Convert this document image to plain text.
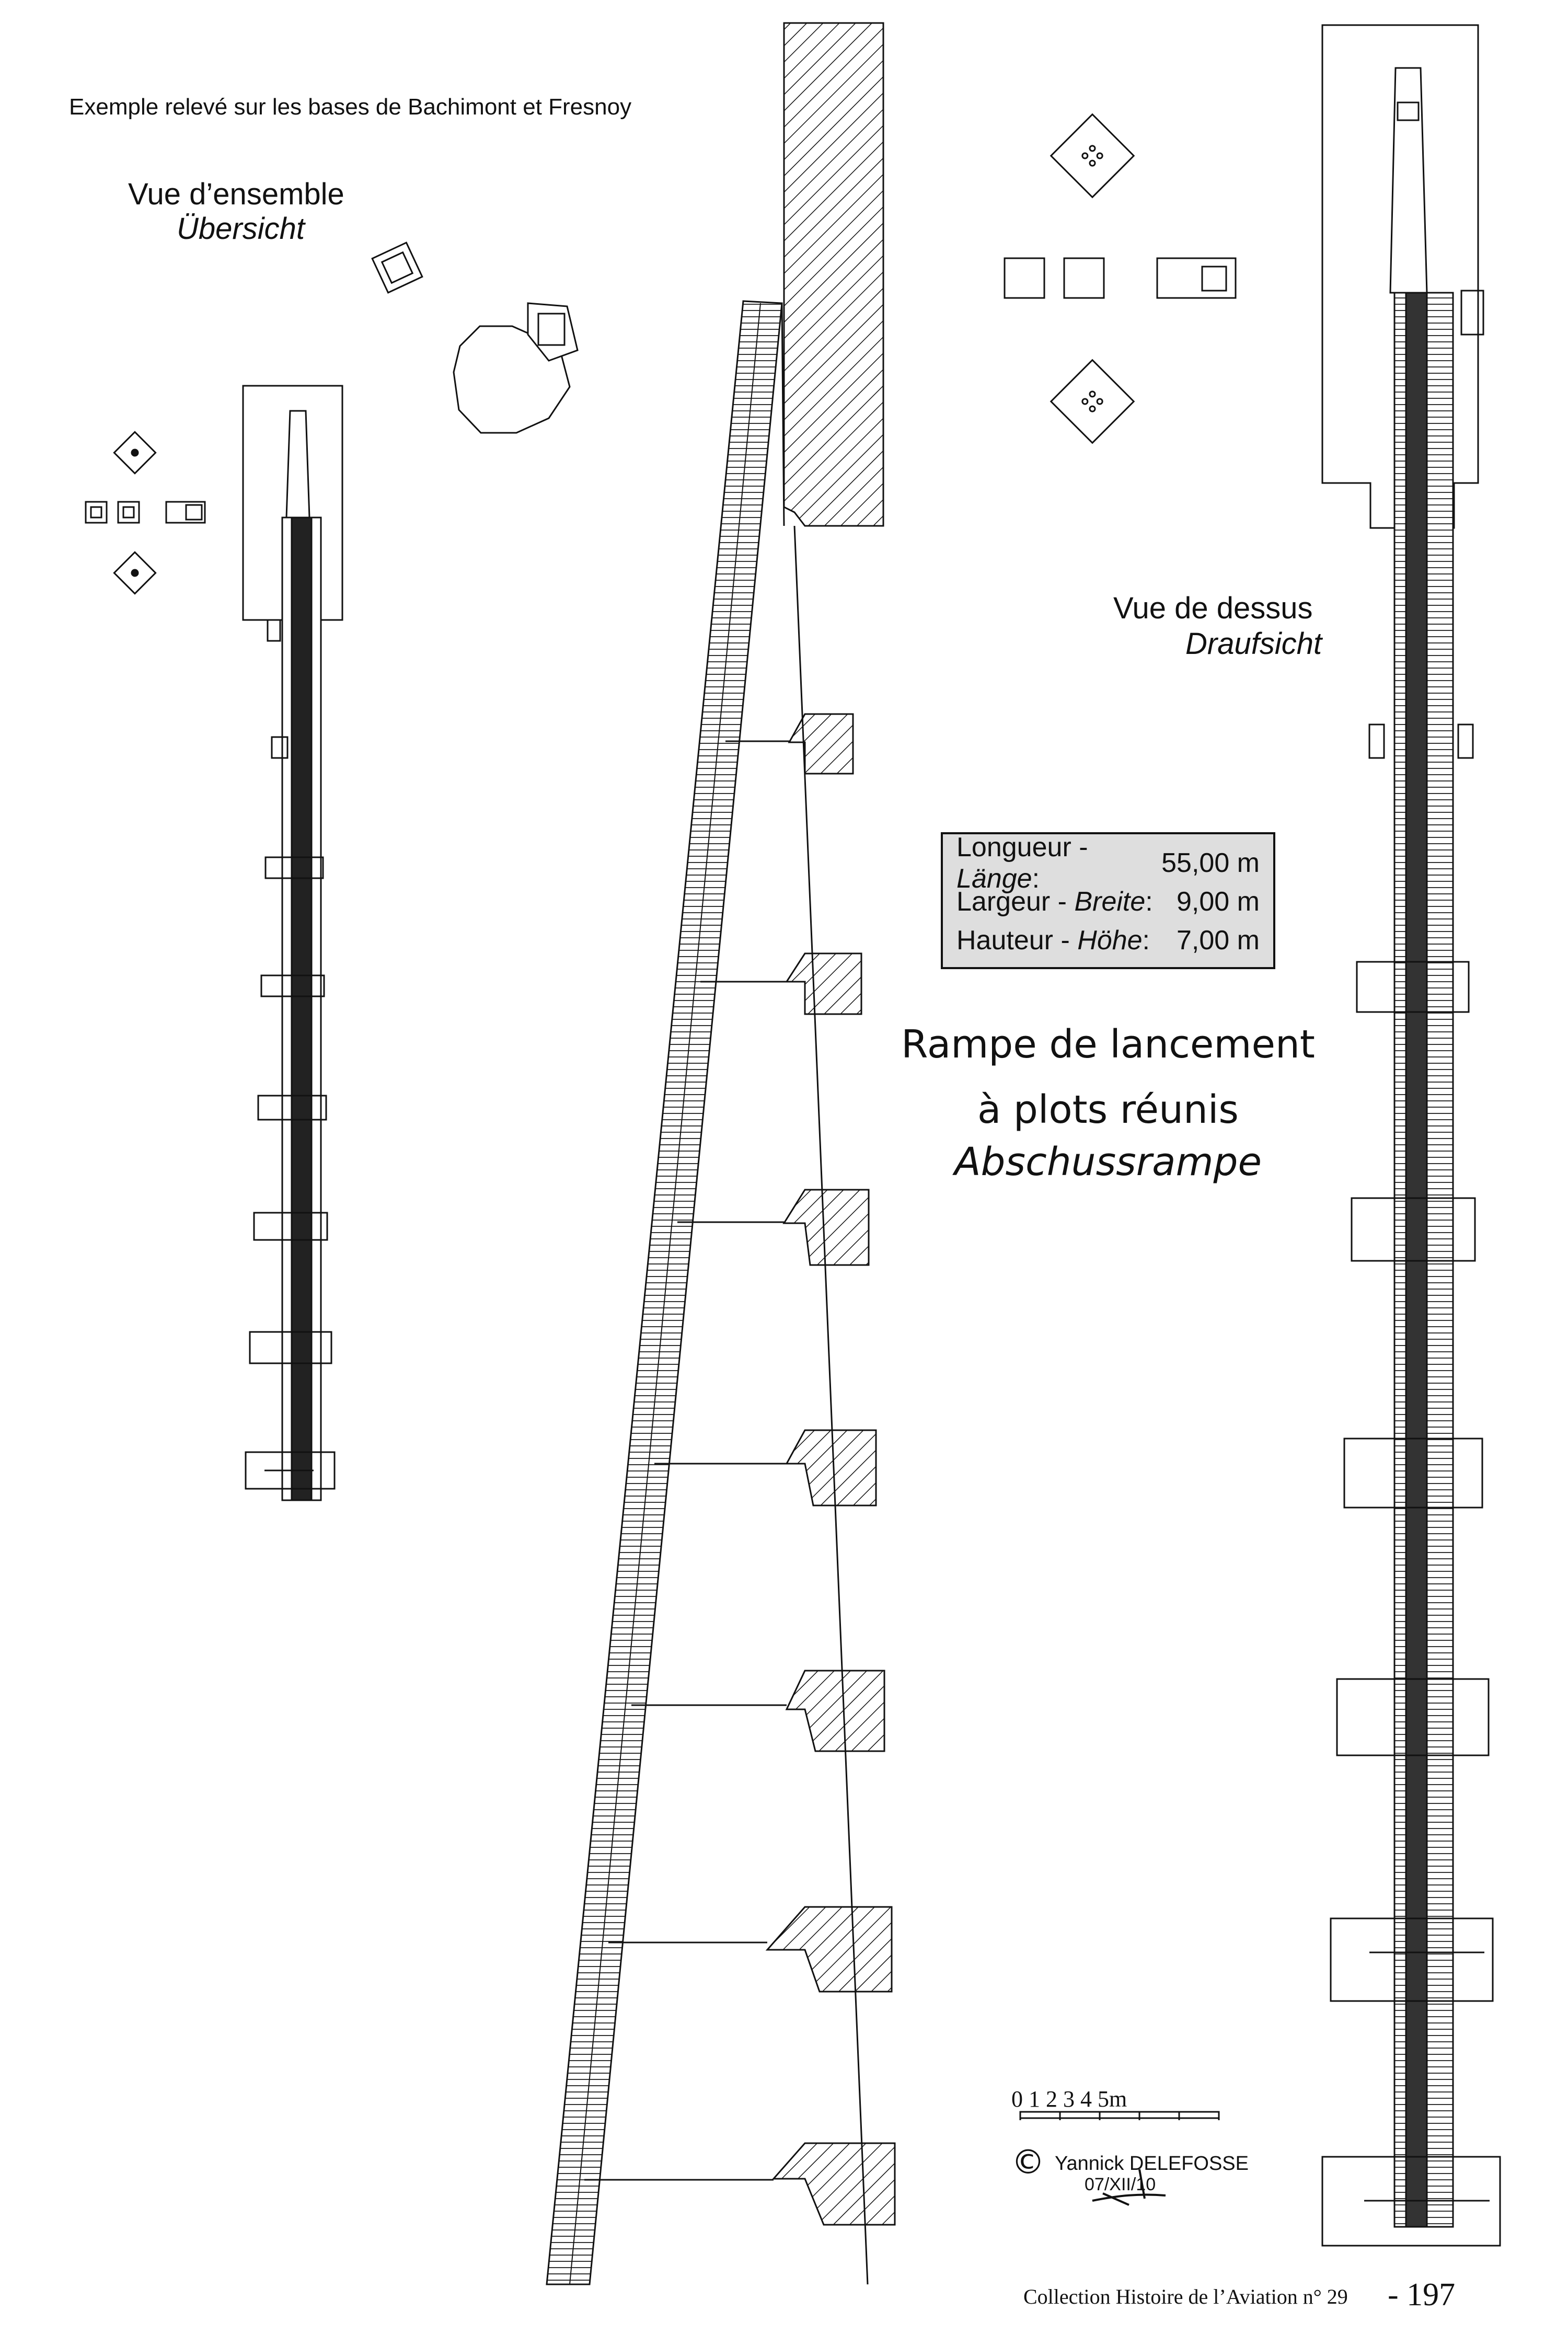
Exemple relevé sur les bases de Bachimont et Fresnoy
Vue d’ensemble
Übersicht
Vue de dessus
Draufsicht
Longueur - Länge:
55,00 m
Largeur - Breite: 9,00 m
Hauteur - Höhe: 7,00 m
Rampe de lancement
à plots réunis
Abschussrampe
0 1 2 3 4 5m
© Yannick DELEFOSSE
07/XII/10
Collection Histoire de l’Aviation n° 29 - 197
